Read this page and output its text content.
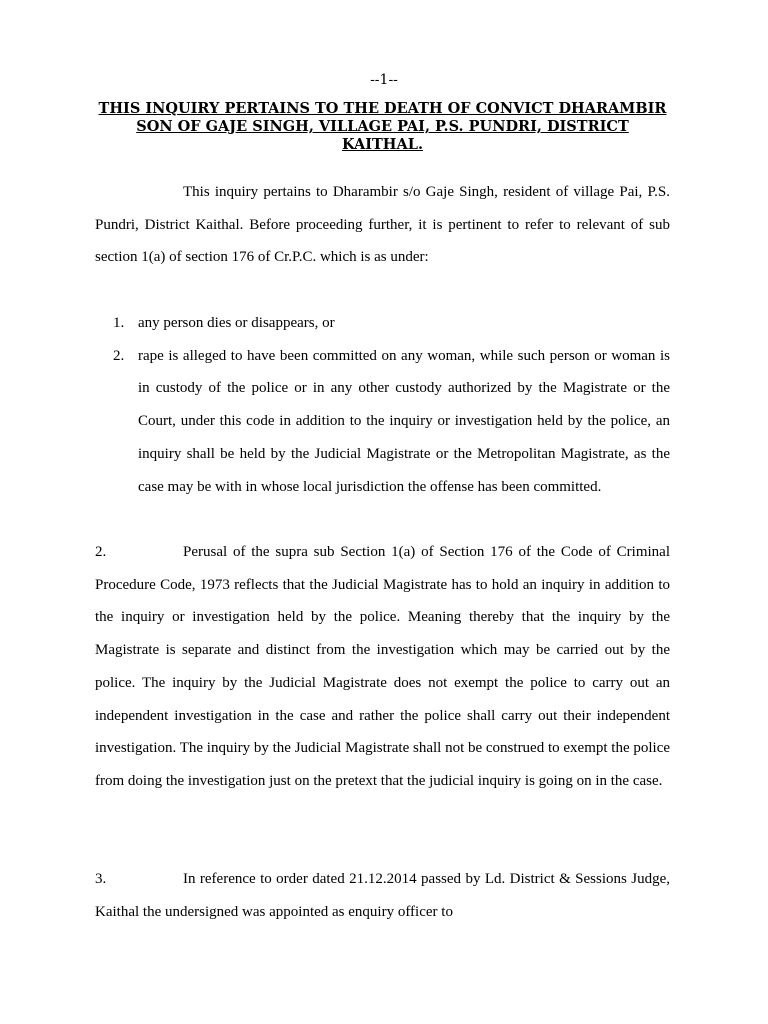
--1--
THIS INQUIRY PERTAINS TO THE DEATH OF CONVICT DHARAMBIR SON OF GAJE SINGH, VILLAGE PAI, P.S. PUNDRI, DISTRICT KAITHAL.
This inquiry pertains to Dharambir s/o Gaje Singh, resident of village Pai, P.S. Pundri, District Kaithal. Before proceeding further, it is pertinent to refer to relevant of sub section 1(a) of section 176 of Cr.P.C. which is as under:
1. any person dies or disappears, or
2. rape is alleged to have been committed on any woman, while such person or woman is in custody of the police or in any other custody authorized by the Magistrate or the Court, under this code in addition to the inquiry or investigation held by the police, an inquiry shall be held by the Judicial Magistrate or the Metropolitan Magistrate, as the case may be with in whose local jurisdiction the offense has been committed.
2.	Perusal of the supra sub Section 1(a) of Section 176 of the Code of Criminal Procedure Code, 1973 reflects that the Judicial Magistrate has to hold an inquiry in addition to the inquiry or investigation held by the police. Meaning thereby that the inquiry by the Magistrate is separate and distinct from the investigation which may be carried out by the police. The inquiry by the Judicial Magistrate does not exempt the police to carry out an independent investigation in the case and rather the police shall carry out their independent investigation. The inquiry by the Judicial Magistrate shall not be construed to exempt the police from doing the investigation just on the pretext that the judicial inquiry is going on in the case.
3.	In reference to order dated 21.12.2014 passed by Ld. District & Sessions Judge, Kaithal the undersigned was appointed as enquiry officer to
